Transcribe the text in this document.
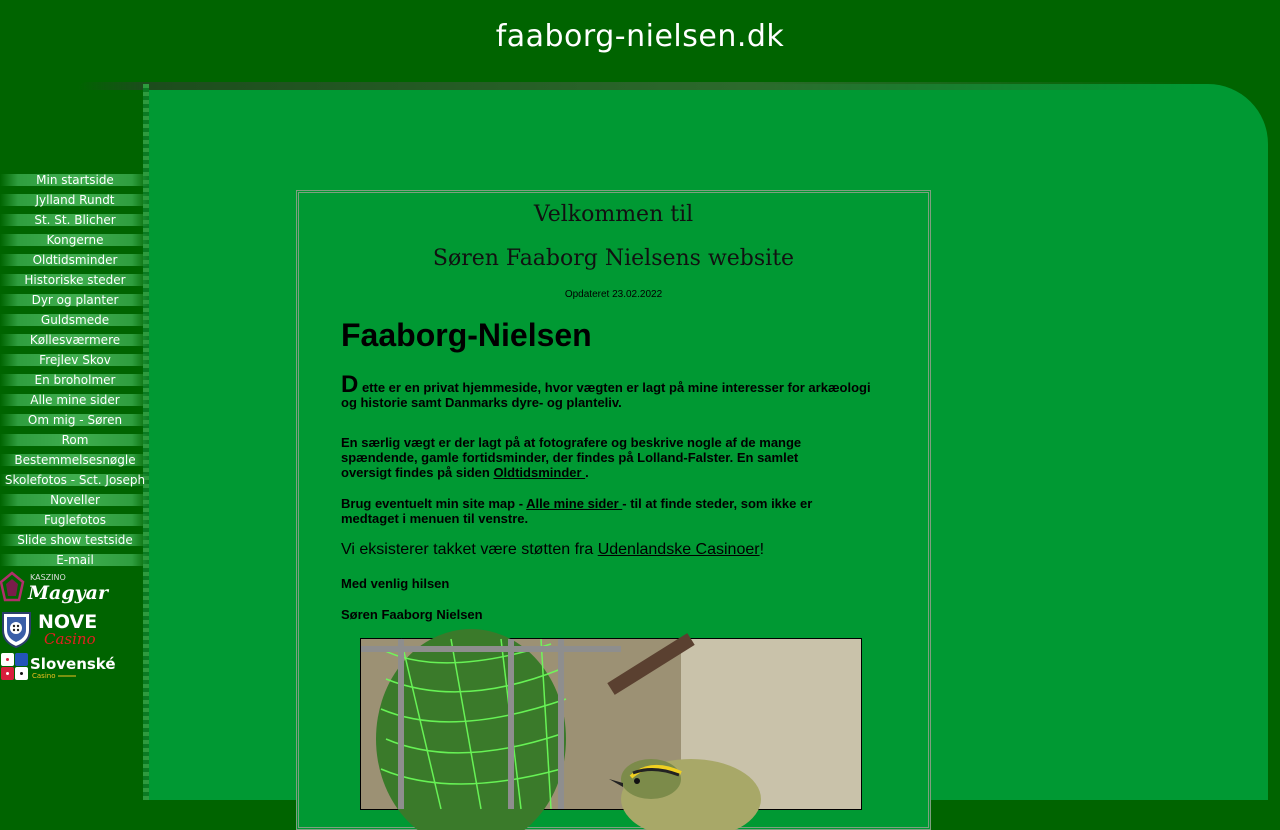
faaborg-nielsen.dk
Min startside
Jylland Rundt
St. St. Blicher
Kongerne
Oldtidsminder
Historiske steder
Dyr og planter
Guldsmede
Køllesværmere
Frejlev Skov
En broholmer
Alle mine sider
Om mig - Søren
Rom
Bestemmelsesnøgle
Skolefotos - Sct. Joseph
Noveller
Fuglefotos
Slide show testside
E-mail
KASZINO
Magyar
NOVE
Casino
Slovenské
Casino
Velkommen til
Søren Faaborg Nielsens website
Opdateret 23.02.2022
Faaborg-Nielsen
D ette er en privat hjemmeside, hvor vægten er lagt på mine interesser for arkæologi og historie samt Danmarks dyre- og planteliv.
En særlig vægt er der lagt på at fotografere og beskrive nogle af de mange spændende, gamle fortidsminder, der findes på Lolland-Falster. En samlet oversigt findes på siden Oldtidsminder .
Brug eventuelt min site map - Alle mine sider - til at finde steder, som ikke er medtaget i menuen til venstre.
Vi eksisterer takket være støtten fra Udenlandske Casinoer!
Med venlig hilsen
Søren Faaborg Nielsen
